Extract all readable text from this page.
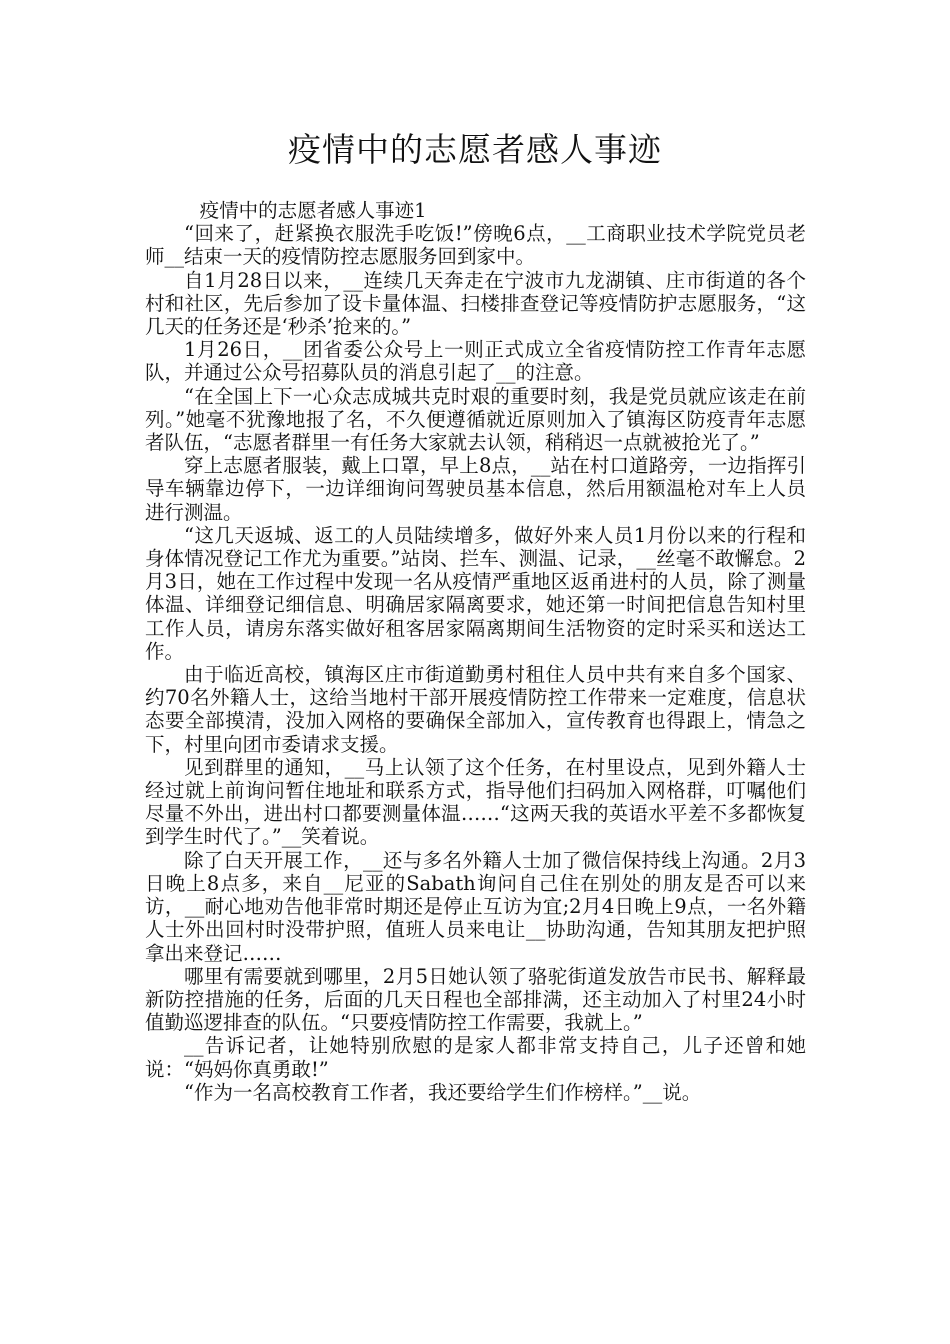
疫情中的志愿者感人事迹

疫情中的志愿者感人事迹1

“回来了，赶紧换衣服洗手吃饭!”傍晚6点，__工商职业技术学院党员老师__结束一天的疫情防控志愿服务回到家中。

自1月28日以来，__连续几天奔走在宁波市九龙湖镇、庄市街道的各个村和社区，先后参加了设卡量体温、扫楼排查登记等疫情防护志愿服务，“这几天的任务还是‘秒杀’抢来的。”

1月26日，__团省委公众号上一则正式成立全省疫情防控工作青年志愿队，并通过公众号招募队员的消息引起了__的注意。

“在全国上下一心众志成城共克时艰的重要时刻，我是党员就应该走在前列。”她毫不犹豫地报了名，不久便遵循就近原则加入了镇海区防疫青年志愿者队伍，“志愿者群里一有任务大家就去认领，稍稍迟一点就被抢光了。”

穿上志愿者服装，戴上口罩，早上8点，__站在村口道路旁，一边指挥引导车辆靠边停下，一边详细询问驾驶员基本信息，然后用额温枪对车上人员进行测温。

“这几天返城、返工的人员陆续增多，做好外来人员1月份以来的行程和身体情况登记工作尤为重要。”站岗、拦车、测温、记录，__丝毫不敢懈怠。2月3日，她在工作过程中发现一名从疫情严重地区返甬进村的人员，除了测量体温、详细登记细信息、明确居家隔离要求，她还第一时间把信息告知村里工作人员，请房东落实做好租客居家隔离期间生活物资的定时采买和送达工作。

由于临近高校，镇海区庄市街道勤勇村租住人员中共有来自多个国家、约70名外籍人士，这给当地村干部开展疫情防控工作带来一定难度，信息状态要全部摸清，没加入网格的要确保全部加入，宣传教育也得跟上，情急之下，村里向团市委请求支援。

见到群里的通知，__马上认领了这个任务，在村里设点，见到外籍人士经过就上前询问暂住地址和联系方式，指导他们扫码加入网格群，叮嘱他们尽量不外出，进出村口都要测量体温……“这两天我的英语水平差不多都恢复到学生时代了。”__笑着说。

除了白天开展工作，__还与多名外籍人士加了微信保持线上沟通。2月3日晚上8点多，来自__尼亚的Sabath询问自己住在别处的朋友是否可以来访，__耐心地劝告他非常时期还是停止互访为宜;2月4日晚上9点，一名外籍人士外出回村时没带护照，值班人员来电让__协助沟通，告知其朋友把护照拿出来登记……

哪里有需要就到哪里，2月5日她认领了骆驼街道发放告市民书、解释最新防控措施的任务，后面的几天日程也全部排满，还主动加入了村里24小时值勤巡逻排查的队伍。“只要疫情防控工作需要，我就上。”

__告诉记者，让她特别欣慰的是家人都非常支持自己，儿子还曾和她说：“妈妈你真勇敢!”

“作为一名高校教育工作者，我还要给学生们作榜样。”__说。
